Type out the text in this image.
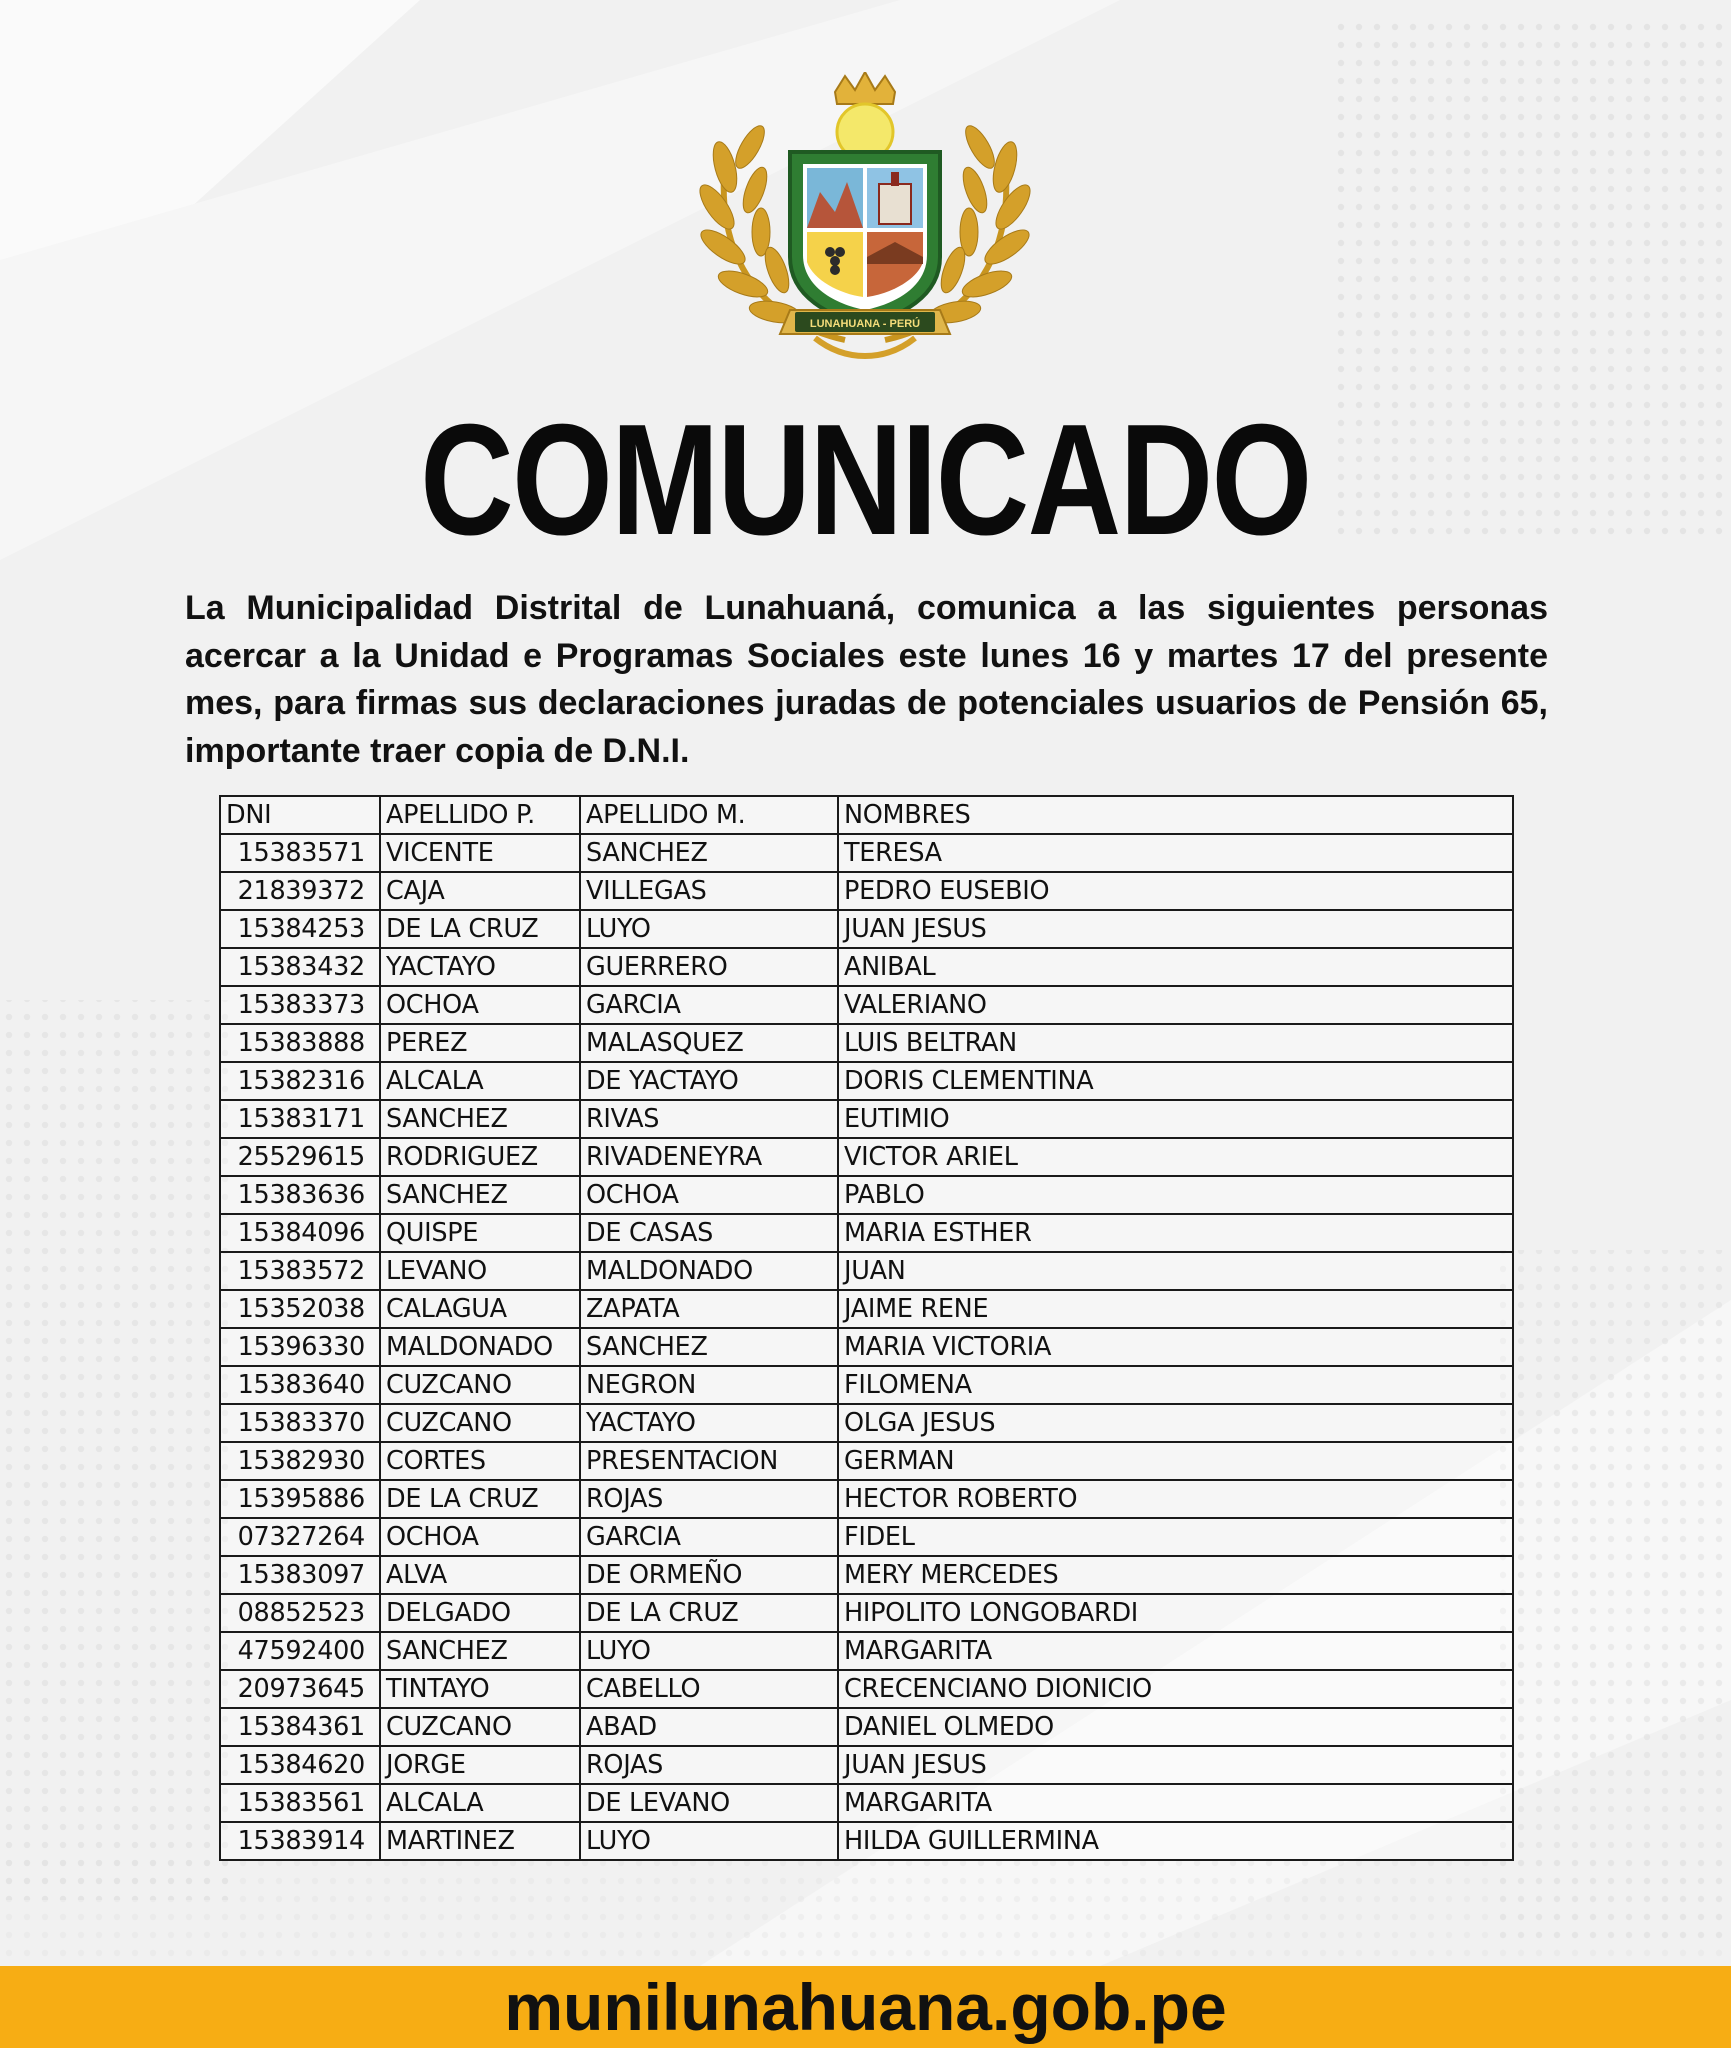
LUNAHUANA - PERÚ
COMUNICADO
La Municipalidad Distrital de Lunahuaná, comunica a las siguientes personas acercar a la Unidad e Programas Sociales este lunes 16 y martes 17 del presente mes, para firmas sus declaraciones juradas de potenciales usuarios de Pensión 65, importante traer copia de D.N.I.
DNI	APELLIDO P.	APELLIDO M.	NOMBRES
15383571	VICENTE	SANCHEZ	TERESA
21839372	CAJA	VILLEGAS	PEDRO EUSEBIO
15384253	DE LA CRUZ	LUYO	JUAN JESUS
15383432	YACTAYO	GUERRERO	ANIBAL
15383373	OCHOA	GARCIA	VALERIANO
15383888	PEREZ	MALASQUEZ	LUIS BELTRAN
15382316	ALCALA	DE YACTAYO	DORIS CLEMENTINA
15383171	SANCHEZ	RIVAS	EUTIMIO
25529615	RODRIGUEZ	RIVADENEYRA	VICTOR ARIEL
15383636	SANCHEZ	OCHOA	PABLO
15384096	QUISPE	DE CASAS	MARIA ESTHER
15383572	LEVANO	MALDONADO	JUAN
15352038	CALAGUA	ZAPATA	JAIME RENE
15396330	MALDONADO	SANCHEZ	MARIA VICTORIA
15383640	CUZCANO	NEGRON	FILOMENA
15383370	CUZCANO	YACTAYO	OLGA JESUS
15382930	CORTES	PRESENTACION	GERMAN
15395886	DE LA CRUZ	ROJAS	HECTOR ROBERTO
07327264	OCHOA	GARCIA	FIDEL
15383097	ALVA	DE ORMEÑO	MERY MERCEDES
08852523	DELGADO	DE LA CRUZ	HIPOLITO LONGOBARDI
47592400	SANCHEZ	LUYO	MARGARITA
20973645	TINTAYO	CABELLO	CRECENCIANO DIONICIO
15384361	CUZCANO	ABAD	DANIEL OLMEDO
15384620	JORGE	ROJAS	JUAN JESUS
15383561	ALCALA	DE LEVANO	MARGARITA
15383914	MARTINEZ	LUYO	HILDA GUILLERMINA
munilunahuana.gob.pe
